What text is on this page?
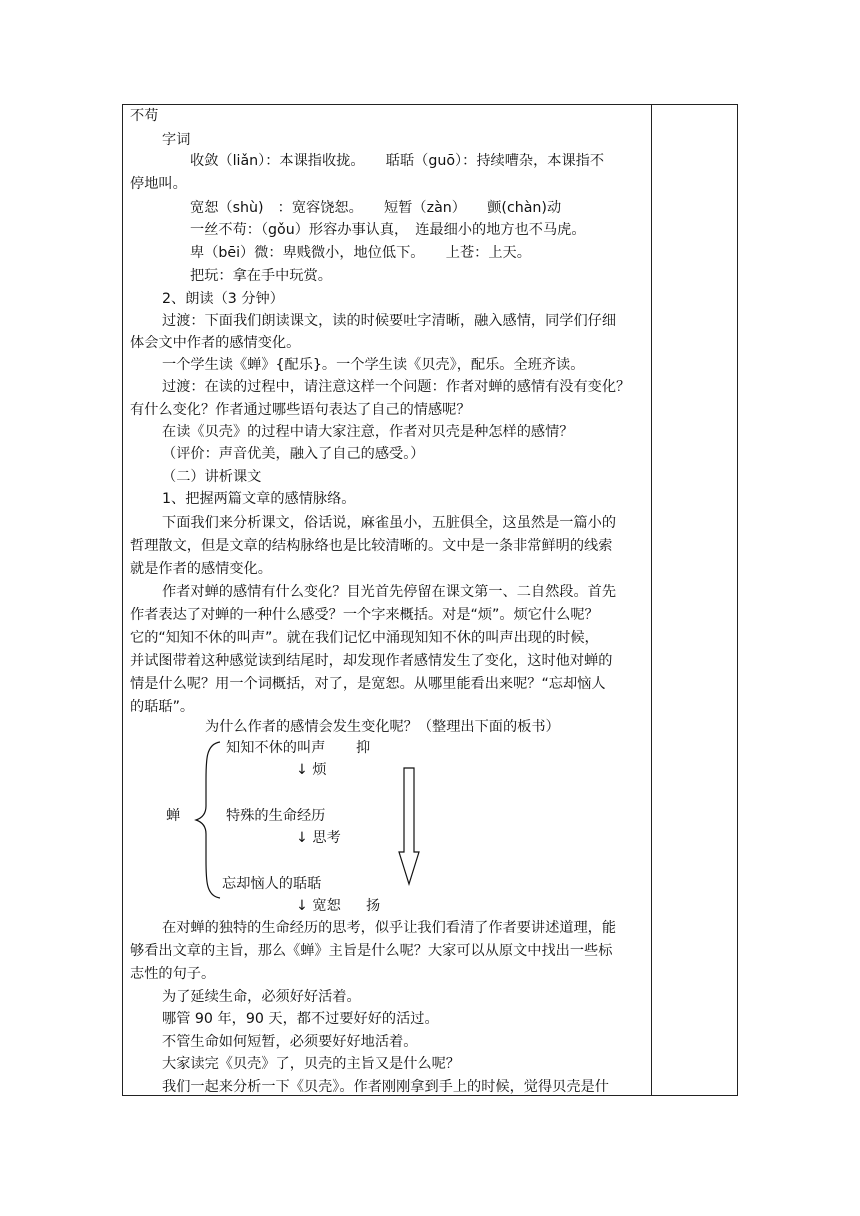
不苟
字词
收敛（liǎn）：本课指收拢。　　聒聒（guō）：持续嘈杂，本课指不
停地叫。
宽恕（shù)　：宽容饶恕。　　短暂（zàn）　　颤(chàn)动
一丝不苟：（gǒu）形容办事认真，　连最细小的地方也不马虎。
卑（bēi）微：卑贱微小，地位低下。　　上苍：上天。
把玩：拿在手中玩赏。
2、朗读（3 分钟）
过渡：下面我们朗读课文，读的时候要吐字清晰，融入感情，同学们仔细
体会文中作者的感情变化。
一个学生读《蝉》{配乐}。一个学生读《贝壳》，配乐。全班齐读。
过渡：在读的过程中，请注意这样一个问题：作者对蝉的感情有没有变化？
有什么变化？作者通过哪些语句表达了自己的情感呢？
在读《贝壳》的过程中请大家注意，作者对贝壳是种怎样的感情？
（评价：声音优美，融入了自己的感受。）
（二）讲析课文
1、把握两篇文章的感情脉络。
下面我们来分析课文，俗话说，麻雀虽小，五脏俱全，这虽然是一篇小的
哲理散文，但是文章的结构脉络也是比较清晰的。文中是一条非常鲜明的线索
就是作者的感情变化。
作者对蝉的感情有什么变化？目光首先停留在课文第一、二自然段。首先
作者表达了对蝉的一种什么感受？一个字来概括。对是“烦”。烦它什么呢？
它的“知知不休的叫声”。就在我们记忆中涌现知知不休的叫声出现的时候，
并试图带着这种感觉读到结尾时，却发现作者感情发生了变化，这时他对蝉的
情是什么呢？用一个词概括，对了，是宽恕。从哪里能看出来呢？“忘却恼人
的聒聒”。
为什么作者的感情会发生变化呢？（整理出下面的板书）
蝉
知知不休的叫声 抑
↓ 烦
特殊的生命经历
↓ 思考
忘却恼人的聒聒
↓ 宽恕 扬
在对蝉的独特的生命经历的思考，似乎让我们看清了作者要讲述道理，能
够看出文章的主旨，那么《蝉》主旨是什么呢？大家可以从原文中找出一些标
志性的句子。
为了延续生命，必须好好活着。
哪管 90 年，90 天，都不过要好好的活过。
不管生命如何短暂，必须要好好地活着。
大家读完《贝壳》了，贝壳的主旨又是什么呢？
我们一起来分析一下《贝壳》。作者刚刚拿到手上的时候，觉得贝壳是什
